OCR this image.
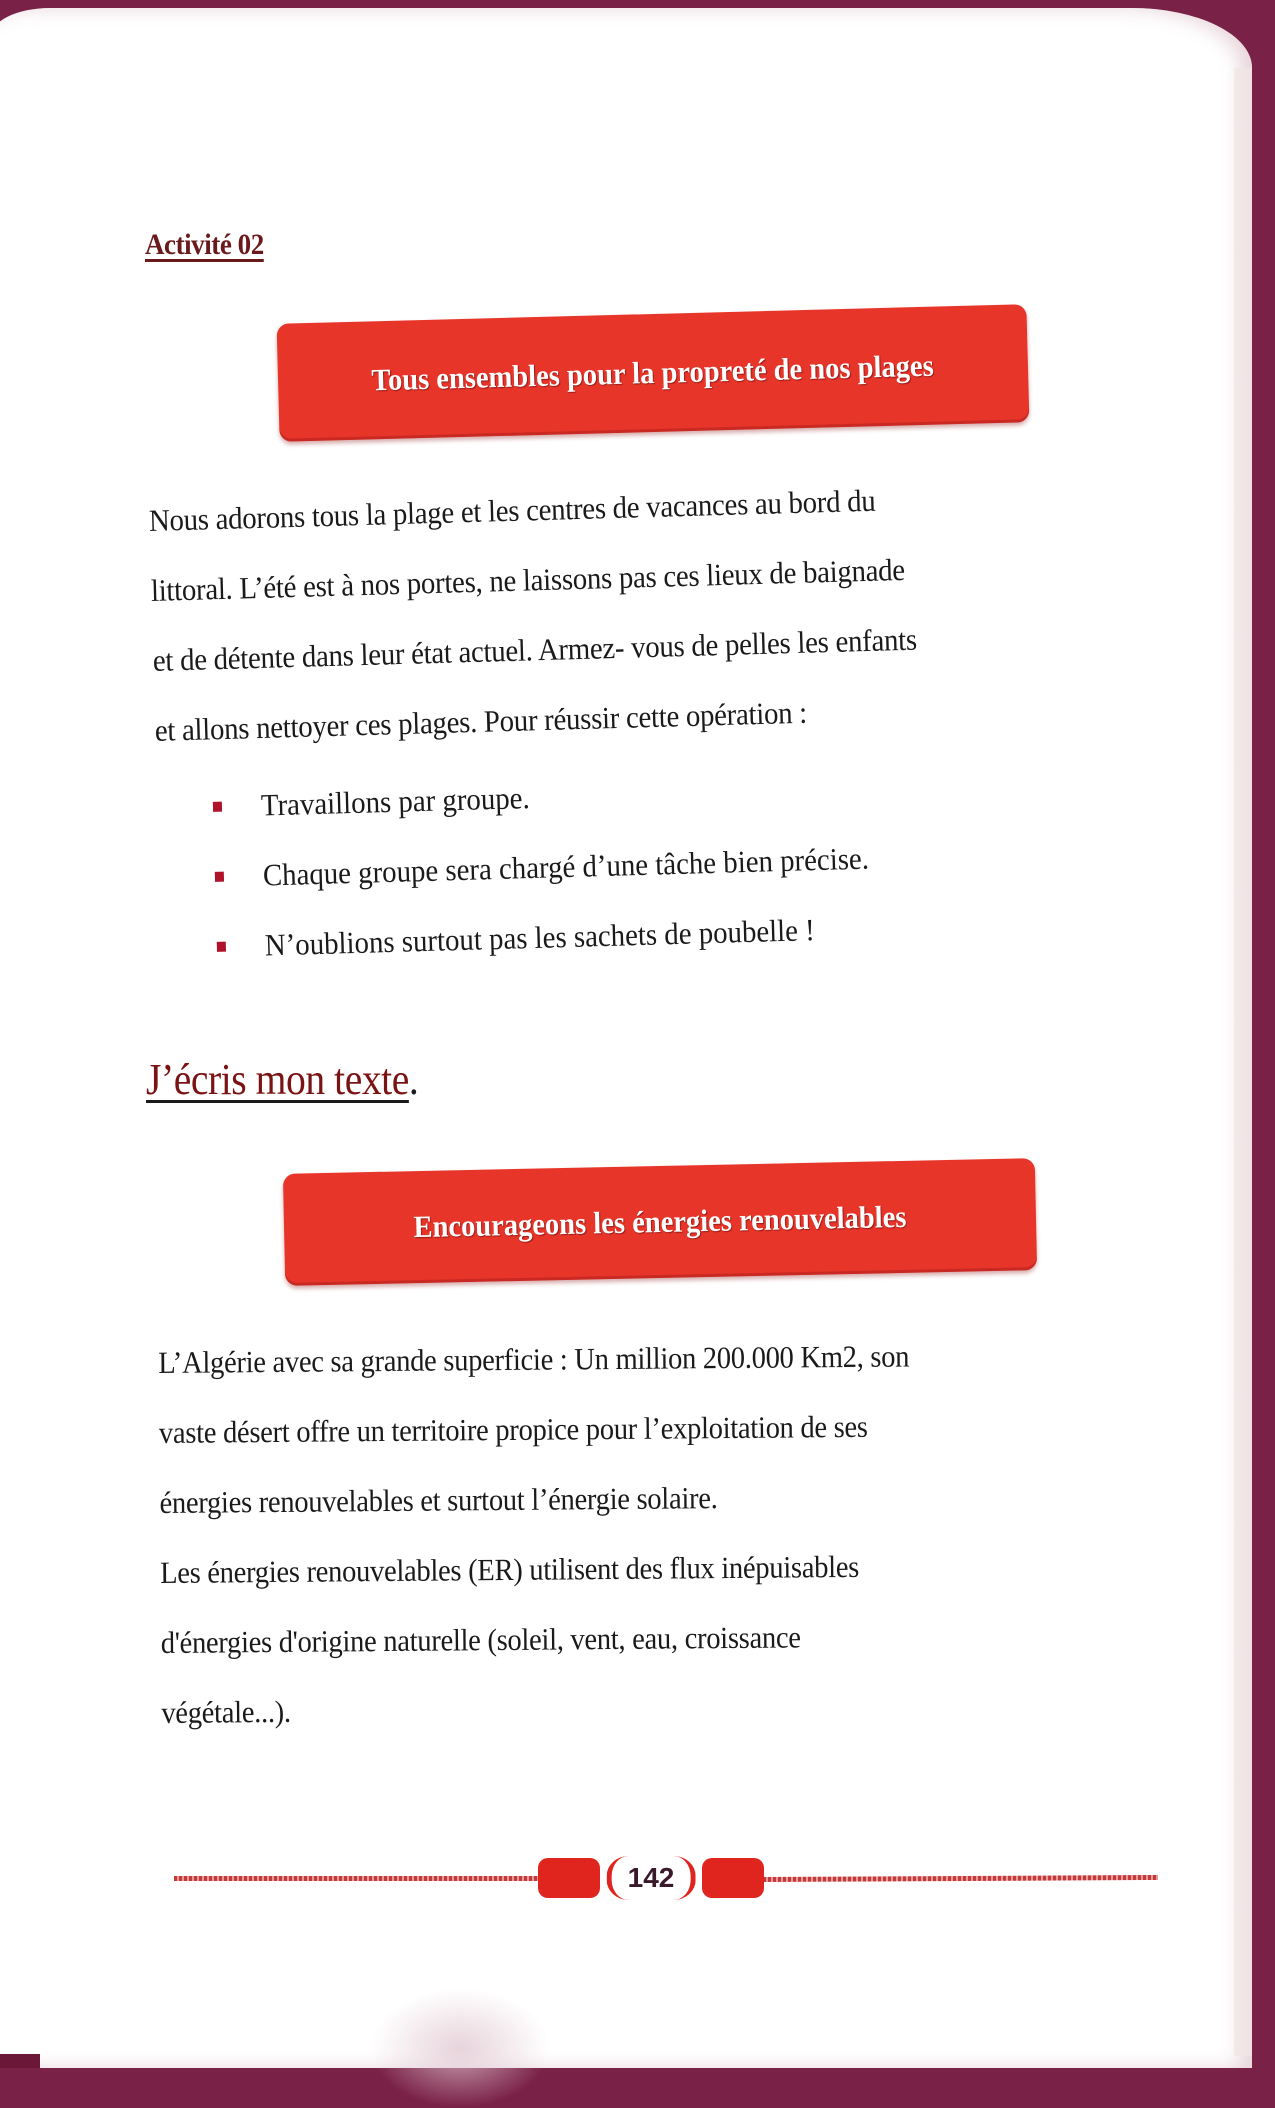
Activité 02
Tous ensembles pour la propreté de nos plages
Nous adorons tous la plage et les centres de vacances au bord du
littoral. L’été est à nos portes, ne laissons pas ces lieux de baignade
et de détente dans leur état actuel. Armez- vous de pelles les enfants
et allons nettoyer ces plages. Pour réussir cette opération :
Travaillons par groupe.
Chaque groupe sera chargé d’une tâche bien précise.
N’oublions surtout pas les sachets de poubelle !
J’écris mon texte.
Encourageons les énergies renouvelables
L’Algérie avec sa grande superficie : Un million 200.000 Km2, son
vaste désert offre un territoire propice pour l’exploitation de ses
énergies renouvelables et surtout l’énergie solaire.
Les énergies renouvelables (ER) utilisent des flux inépuisables
d'énergies d'origine naturelle (soleil, vent, eau, croissance
végétale...).
142
